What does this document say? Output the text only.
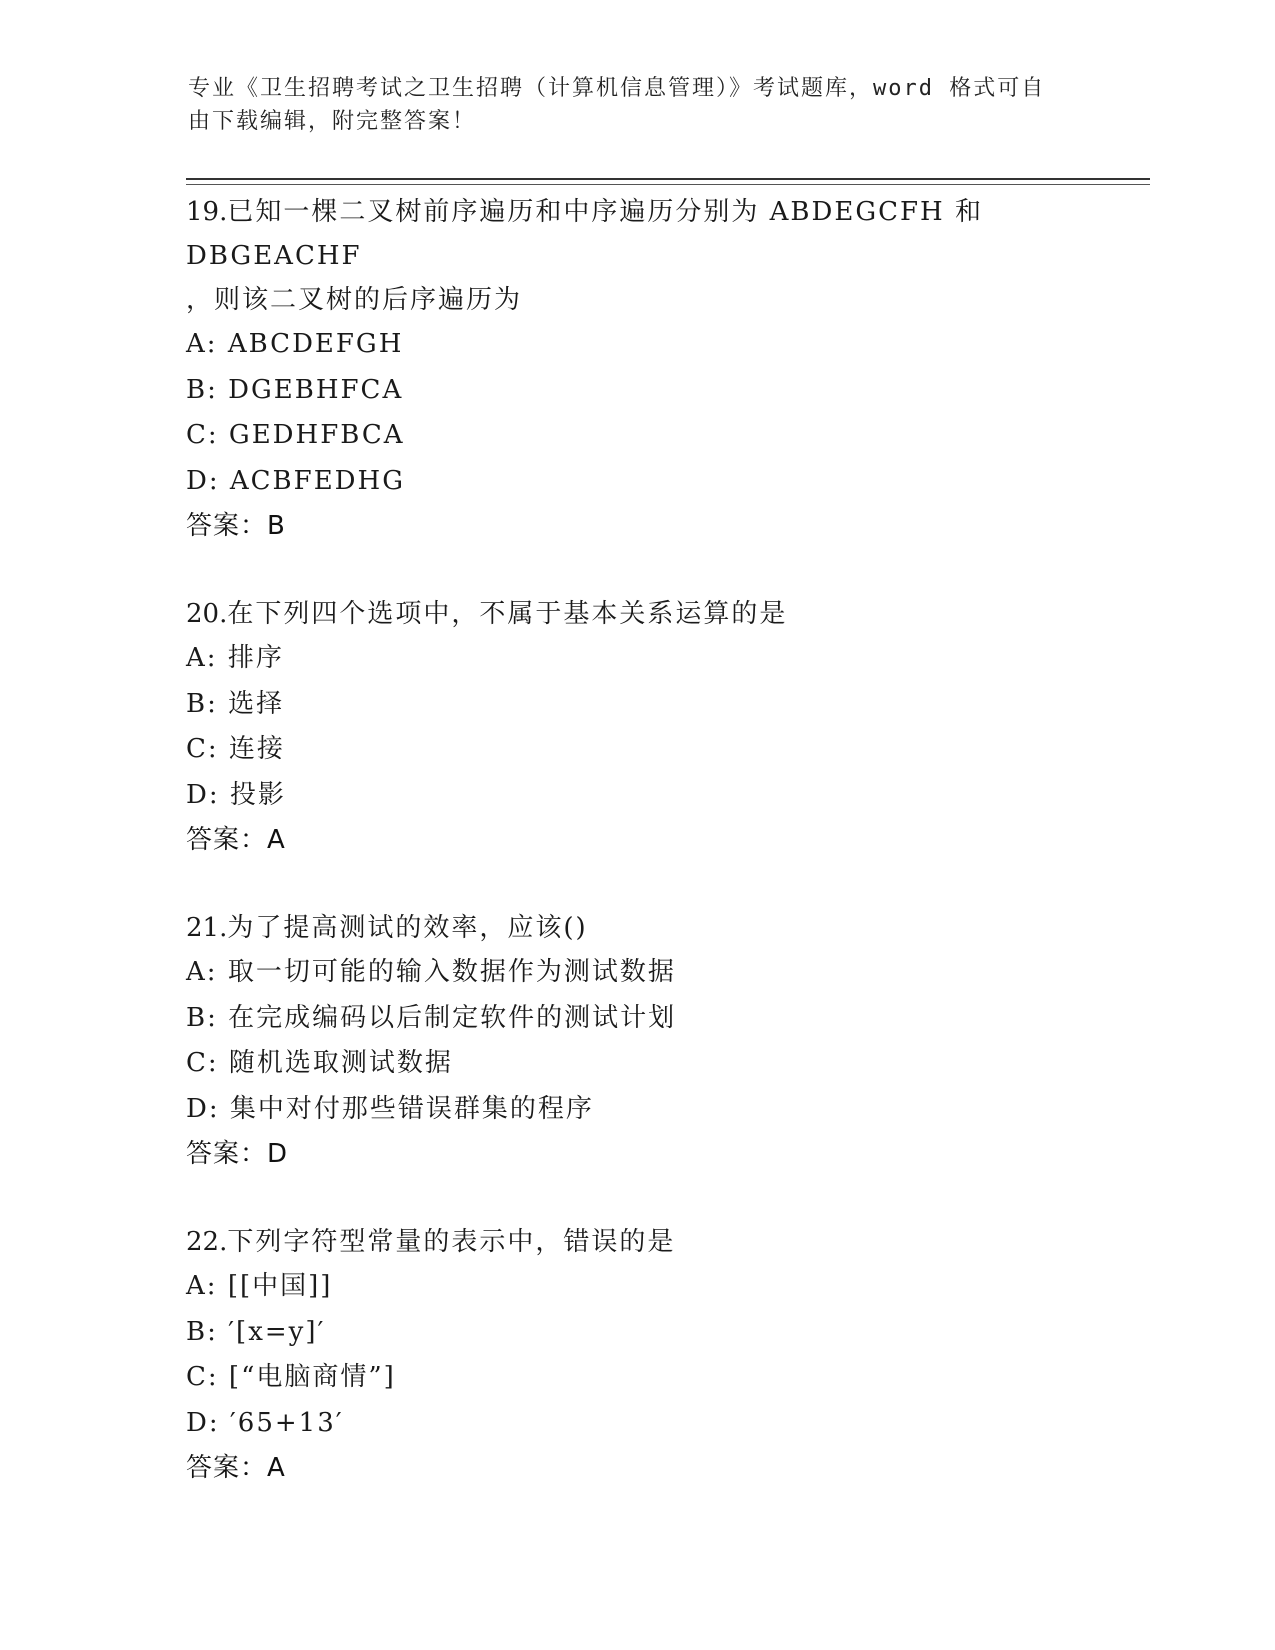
专业《卫生招聘考试之卫生招聘（计算机信息管理）》考试题库，word 格式可自
由下载编辑，附完整答案！
19.已知一棵二叉树前序遍历和中序遍历分别为 ABDEGCFH 和 DBGEACHF
，则该二叉树的后序遍历为
A: ABCDEFGH
B: DGEBHFCA
C: GEDHFBCA
D: ACBFEDHG
答案：B
20.在下列四个选项中，不属于基本关系运算的是
A: 排序
B: 选择
C: 连接
D: 投影
答案：A
21.为了提高测试的效率，应该()
A: 取一切可能的输入数据作为测试数据
B: 在完成编码以后制定软件的测试计划
C: 随机选取测试数据
D: 集中对付那些错误群集的程序
答案：D
22.下列字符型常量的表示中，错误的是
A: [[中国]]
B: ′[x=y]′
C: [“电脑商情”]
D: ′65+13′
答案：A
